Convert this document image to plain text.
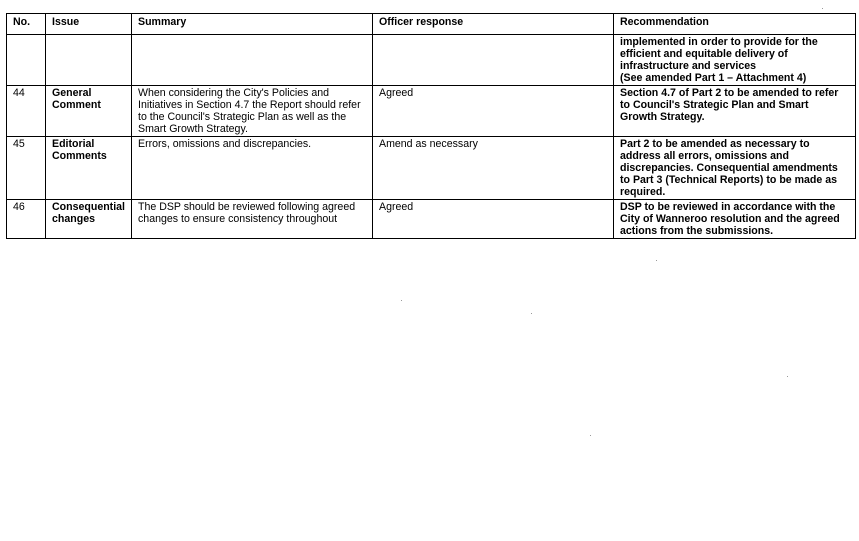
No.	Issue	Summary	Officer response	Recommendation
				implemented in order to provide for the
efficient and equitable delivery of
infrastructure and services
(See amended Part 1 – Attachment 4)
44	General
Comment	When considering the City's Policies and
Initiatives in Section 4.7 the Report should refer
to the Council's Strategic Plan as well as the
Smart Growth Strategy.	Agreed	Section 4.7 of Part 2 to be amended to refer
to Council's Strategic Plan and Smart
Growth Strategy.
45	Editorial
Comments	Errors, omissions and discrepancies.	Amend as necessary	Part 2 to be amended as necessary to
address all errors, omissions and
discrepancies. Consequential amendments
to Part 3 (Technical Reports) to be made as
required.
46	Consequential
changes	The DSP should be reviewed following agreed
changes to ensure consistency throughout	Agreed	DSP to be reviewed in accordance with the
City of Wanneroo resolution and the agreed
actions from the submissions.
